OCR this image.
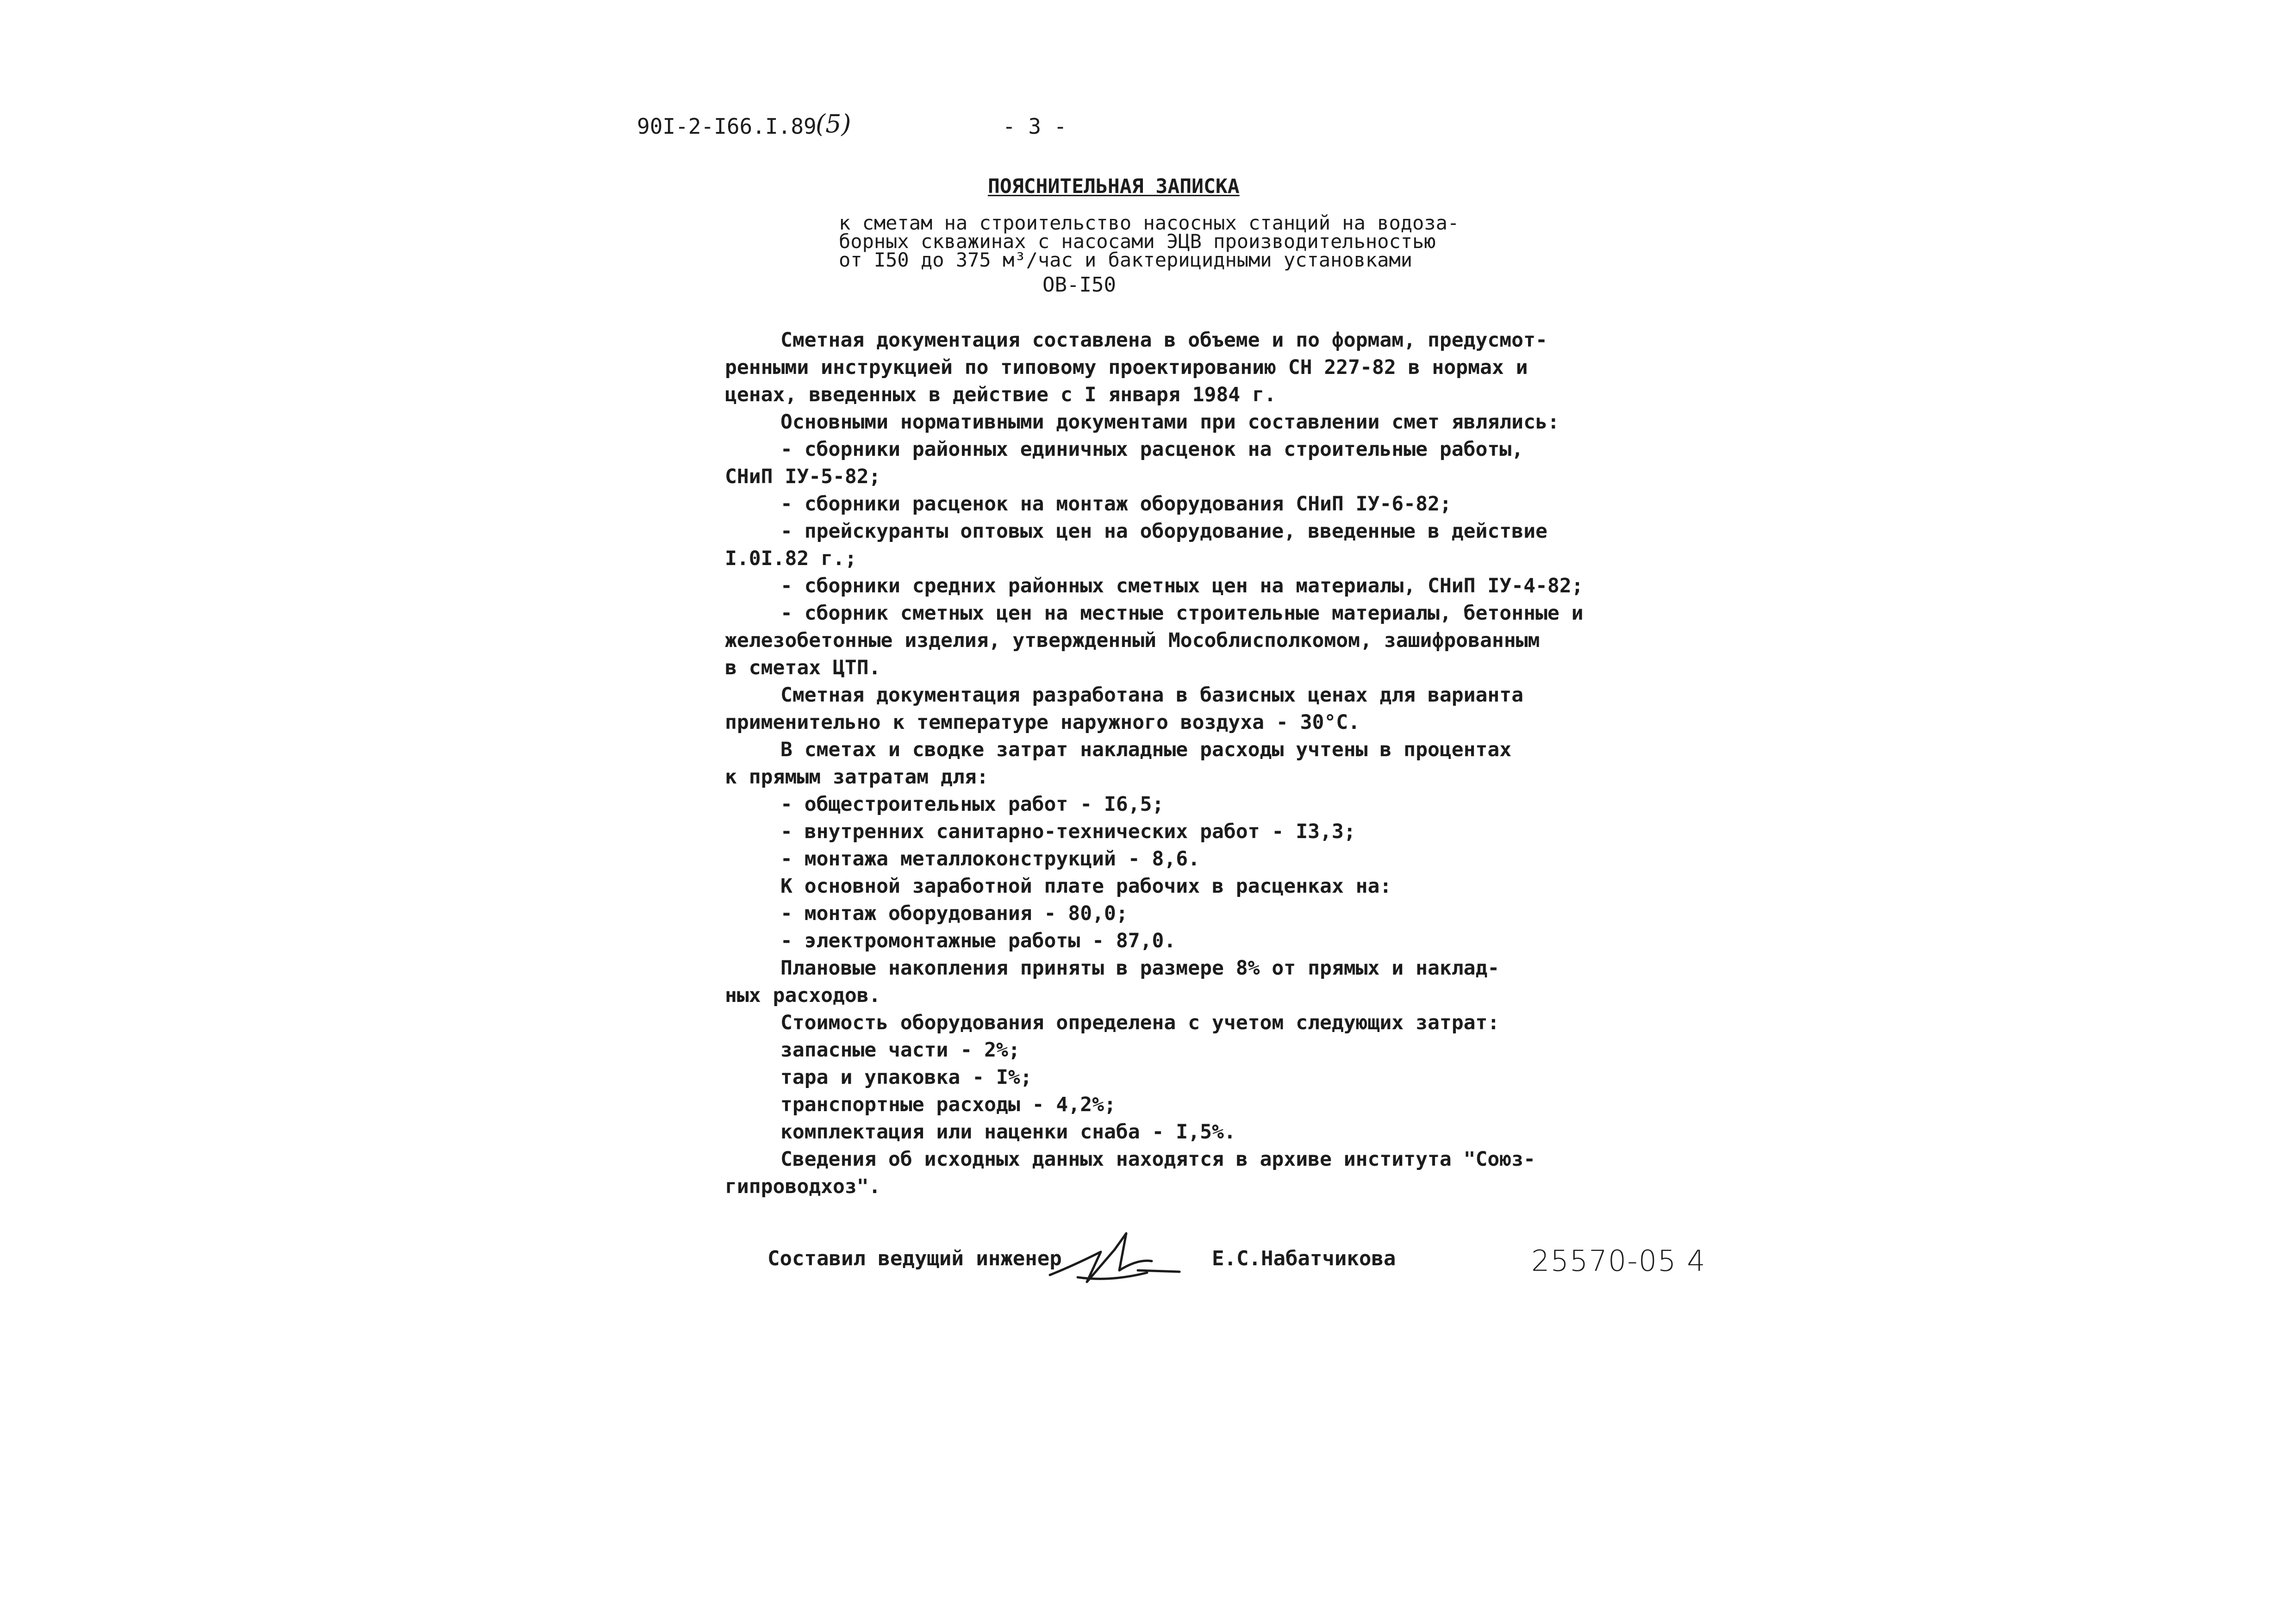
90I-2-I66.I.89
(5)	- 3 -
ПОЯСНИТЕЛЬНАЯ ЗАПИСКА
к сметам на строительство насосных станций на водоза-
борных скважинах с насосами ЭЦВ производительностью
от I50 до 375 м³/час и бактерицидными установками
ОВ-I50
Сметная документация составлена в объеме и по формам, предусмот-
ренными инструкцией по типовому проектированию СН 227-82 в нормах и
ценах, введенных в действие с I января 1984 г.
Основными нормативными документами при составлении смет являлись:
- сборники районных единичных расценок на строительные работы,
СНиП IУ-5-82;
- сборники расценок на монтаж оборудования СНиП IУ-6-82;
- прейскуранты оптовых цен на оборудование, введенные в действие
I.0I.82 г.;
- сборники средних районных сметных цен на материалы, СНиП IУ-4-82;
- сборник сметных цен на местные строительные материалы, бетонные и
железобетонные изделия, утвержденный Мособлисполкомом, зашифрованным
в сметах ЦТП.
Сметная документация разработана в базисных ценах для варианта
применительно к температуре наружного воздуха - 30°С.
В сметах и сводке затрат накладные расходы учтены в процентах
к прямым затратам для:
- общестроительных работ - I6,5;
- внутренних санитарно-технических работ - I3,3;
- монтажа металлоконструкций - 8,6.
К основной заработной плате рабочих в расценках на:
- монтаж оборудования - 80,0;
- электромонтажные работы - 87,0.
Плановые накопления приняты в размере 8% от прямых и наклад-
ных расходов.
Стоимость оборудования определена с учетом следующих затрат:
запасные части - 2%;
тара и упаковка - I%;
транспортные расходы - 4,2%;
комплектация или наценки снаба - I,5%.
Сведения об исходных данных находятся в архиве института "Союз-
гипроводхоз".
Составил ведущий инженер	Е.С.Набатчикова	25570-05 4
